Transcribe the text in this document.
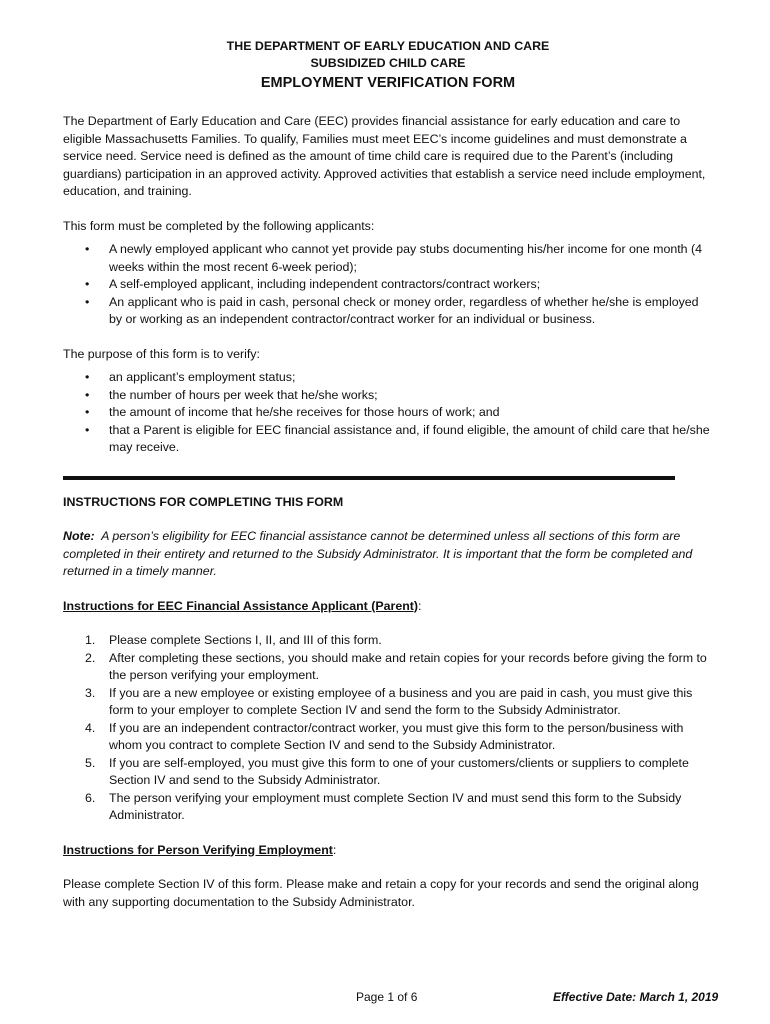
THE DEPARTMENT OF EARLY EDUCATION AND CARE

SUBSIDIZED CHILD CARE

EMPLOYMENT VERIFICATION FORM

The Department of Early Education and Care (EEC) provides financial assistance for early education and care to eligible Massachusetts Families. To qualify, Families must meet EEC’s income guidelines and must demonstrate a service need. Service need is defined as the amount of time child care is required due to the Parent’s (including guardians) participation in an approved activity. Approved activities that establish a service need include employment, education, and training.

This form must be completed by the following applicants:

• A newly employed applicant who cannot yet provide pay stubs documenting his/her income for one month (4 weeks within the most recent 6-week period);
• A self-employed applicant, including independent contractors/contract workers;
• An applicant who is paid in cash, personal check or money order, regardless of whether he/she is employed by or working as an independent contractor/contract worker for an individual or business.

The purpose of this form is to verify:

• an applicant’s employment status;
• the number of hours per week that he/she works;
• the amount of income that he/she receives for those hours of work; and
• that a Parent is eligible for EEC financial assistance and, if found eligible, the amount of child care that he/she may receive.

INSTRUCTIONS FOR COMPLETING THIS FORM

Note: A person’s eligibility for EEC financial assistance cannot be determined unless all sections of this form are completed in their entirety and returned to the Subsidy Administrator. It is important that the form be completed and returned in a timely manner.

Instructions for EEC Financial Assistance Applicant (Parent):

1. Please complete Sections I, II, and III of this form.
2. After completing these sections, you should make and retain copies for your records before giving the form to the person verifying your employment.
3. If you are a new employee or existing employee of a business and you are paid in cash, you must give this form to your employer to complete Section IV and send the form to the Subsidy Administrator.
4. If you are an independent contractor/contract worker, you must give this form to the person/business with whom you contract to complete Section IV and send to the Subsidy Administrator.
5. If you are self-employed, you must give this form to one of your customers/clients or suppliers to complete Section IV and send to the Subsidy Administrator.
6. The person verifying your employment must complete Section IV and must send this form to the Subsidy Administrator.

Instructions for Person Verifying Employment:

Please complete Section IV of this form. Please make and retain a copy for your records and send the original along with any supporting documentation to the Subsidy Administrator.

Page 1 of 6	Effective Date: March 1, 2019
